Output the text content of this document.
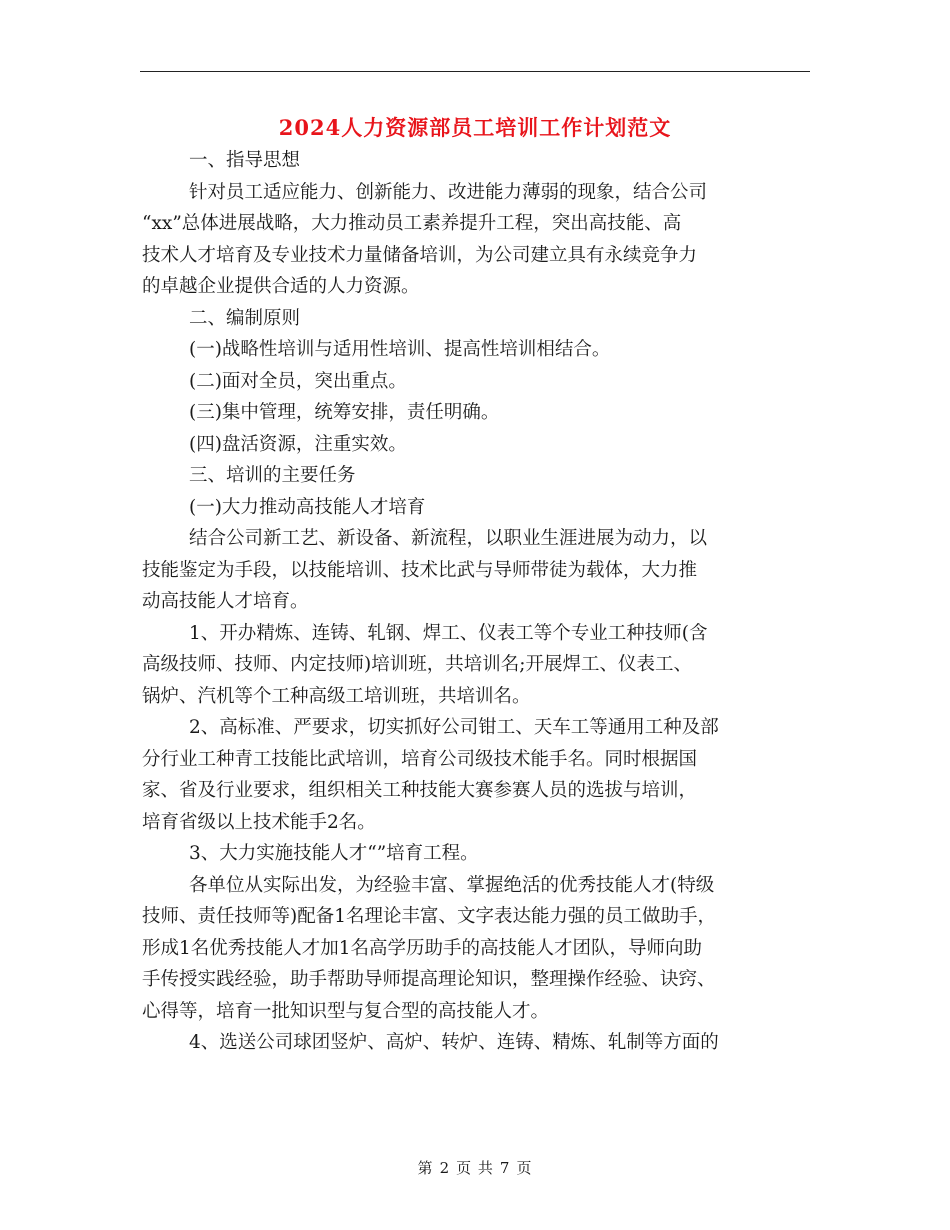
2024人力资源部员工培训工作计划范文
一、指导思想
针对员工适应能力、创新能力、改进能力薄弱的现象，结合公司
“xx”总体进展战略，大力推动员工素养提升工程，突出高技能、高
技术人才培育及专业技术力量储备培训，为公司建立具有永续竞争力
的卓越企业提供合适的人力资源。
二、编制原则
(一)战略性培训与适用性培训、提高性培训相结合。
(二)面对全员，突出重点。
(三)集中管理，统筹安排，责任明确。
(四)盘活资源，注重实效。
三、培训的主要任务
(一)大力推动高技能人才培育
结合公司新工艺、新设备、新流程，以职业生涯进展为动力，以
技能鉴定为手段，以技能培训、技术比武与导师带徒为载体，大力推
动高技能人才培育。
1、开办精炼、连铸、轧钢、焊工、仪表工等个专业工种技师(含
高级技师、技师、内定技师)培训班，共培训名;开展焊工、仪表工、
锅炉、汽机等个工种高级工培训班，共培训名。
2、高标准、严要求，切实抓好公司钳工、天车工等通用工种及部
分行业工种青工技能比武培训，培育公司级技术能手名。同时根据国
家、省及行业要求，组织相关工种技能大赛参赛人员的选拔与培训，
培育省级以上技术能手2名。
3、大力实施技能人才“”培育工程。
各单位从实际出发，为经验丰富、掌握绝活的优秀技能人才(特级
技师、责任技师等)配备1名理论丰富、文字表达能力强的员工做助手，
形成1名优秀技能人才加1名高学历助手的高技能人才团队，导师向助
手传授实践经验，助手帮助导师提高理论知识，整理操作经验、诀窍、
心得等，培育一批知识型与复合型的高技能人才。
4、选送公司球团竖炉、高炉、转炉、连铸、精炼、轧制等方面的
第 2 页 共 7 页
